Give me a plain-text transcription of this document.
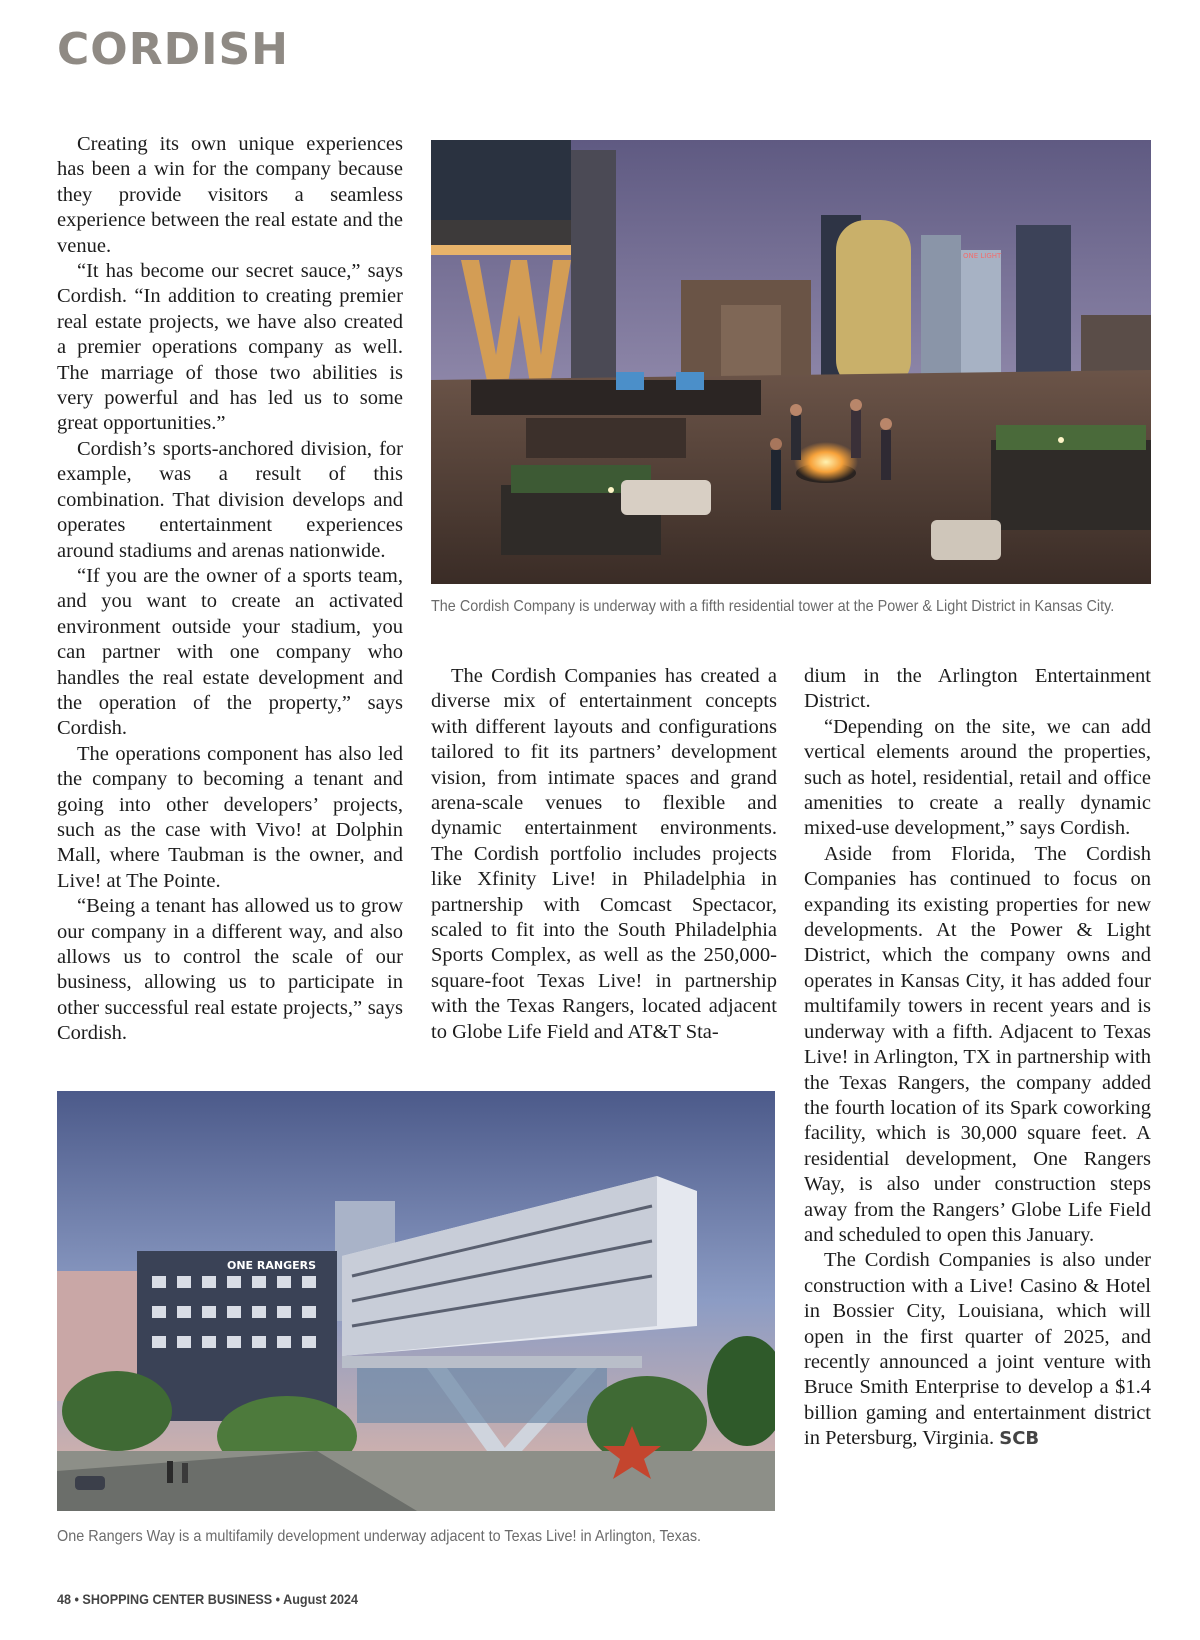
CORDISH

Creating its own unique experiences has been a win for the company because they provide visitors a seamless experience between the real estate and the venue.

“It has become our secret sauce,” says Cordish. “In addition to creating premier real estate projects, we have also created a premier operations company as well. The marriage of those two abilities is very powerful and has led us to some great opportunities.”

Cordish’s sports-anchored division, for example, was a result of this combination. That division develops and operates entertainment experiences around stadiums and arenas nationwide.

“If you are the owner of a sports team, and you want to create an activated environment outside your stadium, you can partner with one company who handles the real estate development and the operation of the property,” says Cordish.

The operations component has also led the company to becoming a tenant and going into other developers’ projects, such as the case with Vivo! at Dolphin Mall, where Taubman is the owner, and Live! at The Pointe.

“Being a tenant has allowed us to grow our company in a different way, and also allows us to control the scale of our business, allowing us to participate in other successful real estate projects,” says Cordish.

ONE LIGHT

The Cordish Company is underway with a fifth residential tower at the Power & Light District in Kansas City.

The Cordish Companies has created a diverse mix of entertainment concepts with different layouts and configurations tailored to fit its partners’ development vision, from intimate spaces and grand arena-scale venues to flexible and dynamic entertainment environments. The Cordish portfolio includes projects like Xfinity Live! in Philadelphia in partnership with Comcast Spectacor, scaled to fit into the South Philadelphia Sports Complex, as well as the 250,000-square-foot Texas Live! in partnership with the Texas Rangers, located adjacent to Globe Life Field and AT&T Sta-

dium in the Arlington Entertainment District.

“Depending on the site, we can add vertical elements around the properties, such as hotel, residential, retail and office amenities to create a really dynamic mixed-use development,” says Cordish.

Aside from Florida, The Cordish Companies has continued to focus on expanding its existing properties for new developments. At the Power & Light District, which the company owns and operates in Kansas City, it has added four multifamily towers in recent years and is underway with a fifth. Adjacent to Texas Live! in Arlington, TX in partnership with the Texas Rangers, the company added the fourth location of its Spark coworking facility, which is 30,000 square feet. A residential development, One Rangers Way, is also under construction steps away from the Rangers’ Globe Life Field and scheduled to open this January.

The Cordish Companies is also under construction with a Live! Casino & Hotel in Bossier City, Louisiana, which will open in the first quarter of 2025, and recently announced a joint venture with Bruce Smith Enterprise to develop a $1.4 billion gaming and entertainment district in Petersburg, Virginia. SCB

ONE RANGERS

One Rangers Way is a multifamily development underway adjacent to Texas Live! in Arlington, Texas.

48 • SHOPPING CENTER BUSINESS • August 2024
